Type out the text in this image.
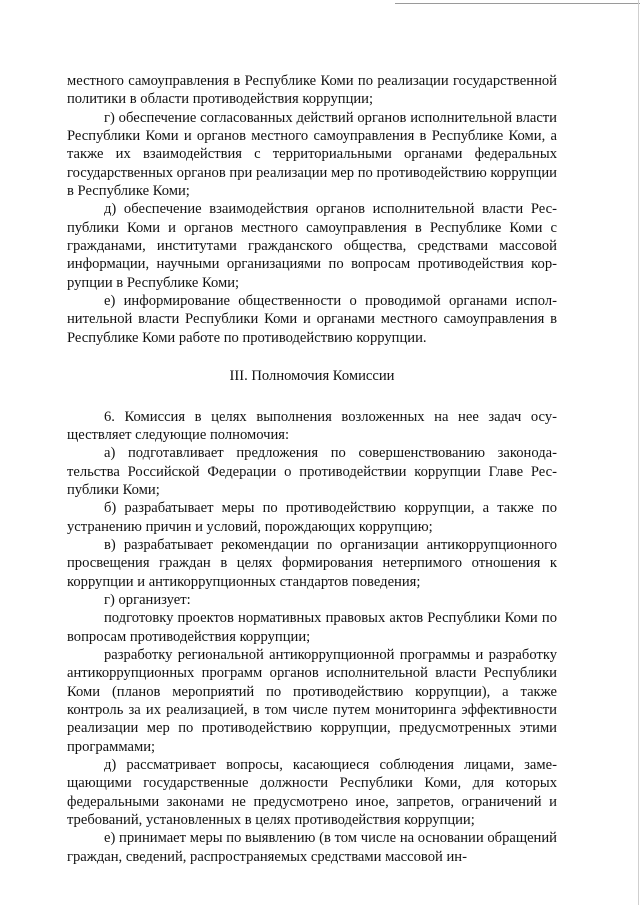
местного самоуправления в Республике Коми по реализации государственной политики в области противодействия коррупции;

г) обеспечение согласованных действий органов исполнительной власти Республики Коми и органов местного самоуправления в Республике Коми, а также их взаимодействия с территориальными органами федеральных государственных органов при реализации мер по противодействию коррупции в Республике Коми;

д) обеспечение взаимодействия органов исполнительной власти Республики Коми и органов местного самоуправления в Республике Коми с гражданами, институтами гражданского общества, средствами массовой информации, научными организациями по вопросам противодействия коррупции в Республике Коми;

е) информирование общественности о проводимой органами исполнительной власти Республики Коми и органами местного самоуправления в Республике Коми работе по противодействию коррупции.

III. Полномочия Комиссии

6. Комиссия в целях выполнения возложенных на нее задач осуществляет следующие полномочия:

а) подготавливает предложения по совершенствованию законодательства Российской Федерации о противодействии коррупции Главе Республики Коми;

б) разрабатывает меры по противодействию коррупции, а также по устранению причин и условий, порождающих коррупцию;

в) разрабатывает рекомендации по организации антикоррупционного просвещения граждан в целях формирования нетерпимого отношения к коррупции и антикоррупционных стандартов поведения;

г) организует:

подготовку проектов нормативных правовых актов Республики Коми по вопросам противодействия коррупции;

разработку региональной антикоррупционной программы и разработку антикоррупционных программ органов исполнительной власти Республики Коми (планов мероприятий по противодействию коррупции), а также контроль за их реализацией, в том числе путем мониторинга эффективности реализации мер по противодействию коррупции, предусмотренных этими программами;

д) рассматривает вопросы, касающиеся соблюдения лицами, замещающими государственные должности Республики Коми, для которых федеральными законами не предусмотрено иное, запретов, ограничений и требований, установленных в целях противодействия коррупции;

е) принимает меры по выявлению (в том числе на основании обращений граждан, сведений, распространяемых средствами массовой ин-
